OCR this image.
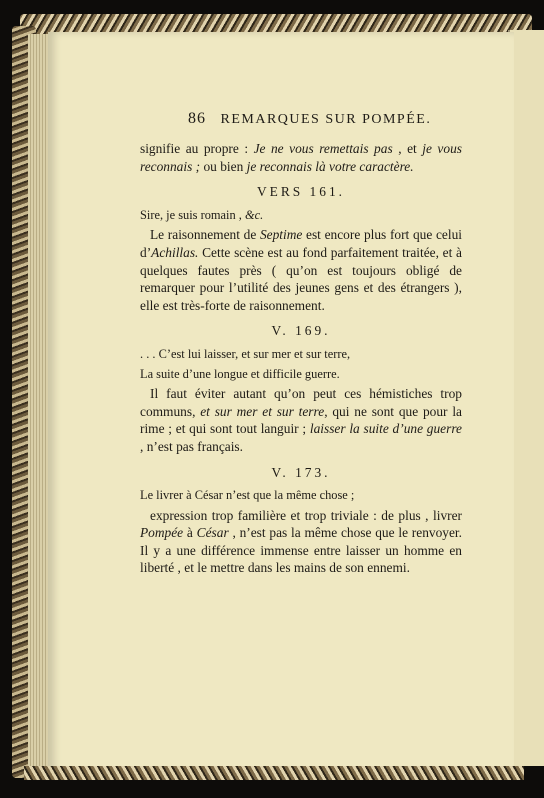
86 REMARQUES SUR POMPÉE.

signifie au propre : Je ne vous remettais pas , et je vous reconnais ; ou bien je reconnais là votre caractère.

VERS 161.

Sire, je suis romain , &c.

Le raisonnement de Septime est encore plus fort que celui d’Achillas. Cette scène est au fond parfaitement traitée, et à quelques fautes près ( qu’on est toujours obligé de remarquer pour l’utilité des jeunes gens et des étrangers ), elle est très-forte de raisonnement.

V. 169.

. . . C’est lui laisser, et sur mer et sur terre,

La suite d’une longue et difficile guerre.

Il faut éviter autant qu’on peut ces hémistiches trop communs, et sur mer et sur terre, qui ne sont que pour la rime ; et qui sont tout languir ; laisser la suite d’une guerre , n’est pas français.

V. 173.

Le livrer à César n’est que la même chose ;

expression trop familière et trop triviale : de plus , livrer Pompée à César , n’est pas la même chose que le renvoyer. Il y a une différence immense entre laisser un homme en liberté , et le mettre dans les mains de son ennemi.
